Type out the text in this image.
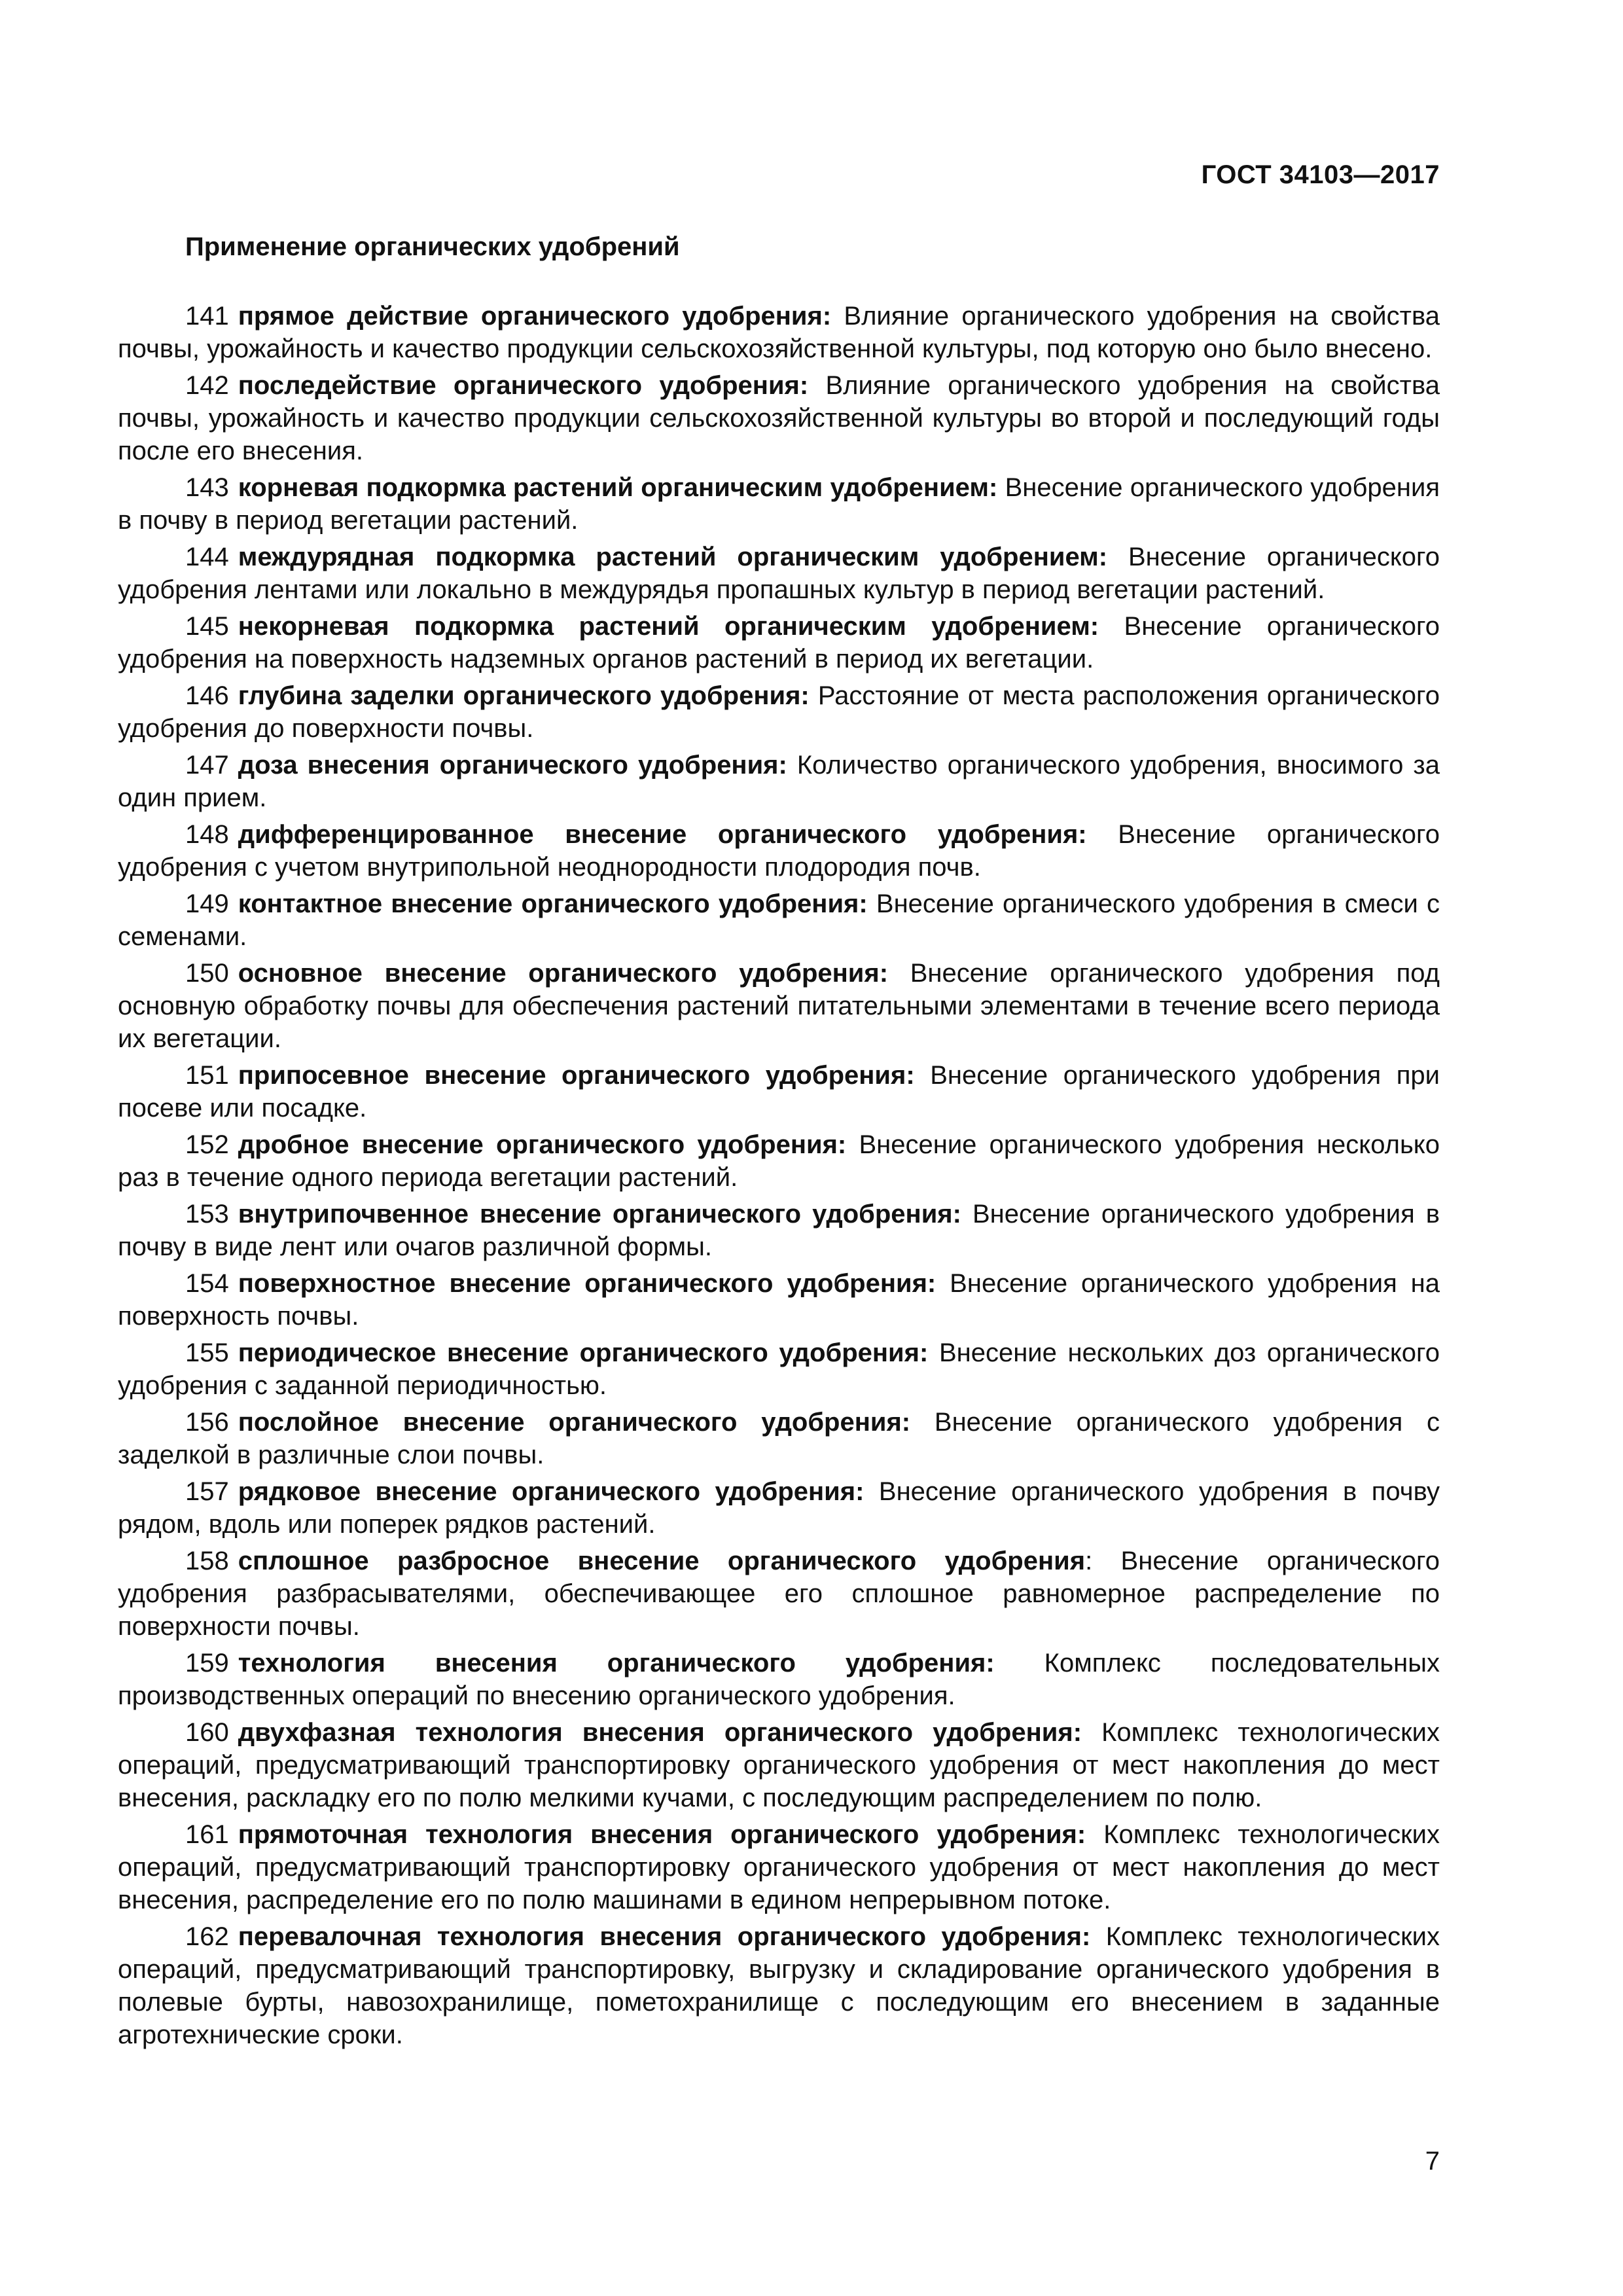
ГОСТ 34103—2017
Применение органических удобрений

141 прямое действие органического удобрения: Влияние органического удобрения на свойства почвы, урожайность и качество продукции сельскохозяйственной культуры, под которую оно было внесено.

142 последействие органического удобрения: Влияние органического удобрения на свойства почвы, урожайность и качество продукции сельскохозяйственной культуры во второй и последующий годы после его внесения.

143 корневая подкормка растений органическим удобрением: Внесение органического удобрения в почву в период вегетации растений.

144 междурядная подкормка растений органическим удобрением: Внесение органического удобрения лентами или локально в междурядья пропашных культур в период вегетации растений.

145 некорневая подкормка растений органическим удобрением: Внесение органического удобрения на поверхность надземных органов растений в период их вегетации.

146 глубина заделки органического удобрения: Расстояние от места расположения органического удобрения до поверхности почвы.

147 доза внесения органического удобрения: Количество органического удобрения, вносимого за один прием.

148 дифференцированное внесение органического удобрения: Внесение органического удобрения с учетом внутрипольной неоднородности плодородия почв.

149 контактное внесение органического удобрения: Внесение органического удобрения в смеси с семенами.

150 основное внесение органического удобрения: Внесение органического удобрения под основную обработку почвы для обеспечения растений питательными элементами в течение всего периода их вегетации.

151 припосевное внесение органического удобрения: Внесение органического удобрения при посеве или посадке.

152 дробное внесение органического удобрения: Внесение органического удобрения несколько раз в течение одного периода вегетации растений.

153 внутрипочвенное внесение органического удобрения: Внесение органического удобрения в почву в виде лент или очагов различной формы.

154 поверхностное внесение органического удобрения: Внесение органического удобрения на поверхность почвы.

155 периодическое внесение органического удобрения: Внесение нескольких доз органического удобрения с заданной периодичностью.

156 послойное внесение органического удобрения: Внесение органического удобрения с заделкой в различные слои почвы.

157 рядковое внесение органического удобрения: Внесение органического удобрения в почву рядом, вдоль или поперек рядков растений.

158 сплошное разбросное внесение органического удобрения: Внесение органического удобрения разбрасывателями, обеспечивающее его сплошное равномерное распределение по поверхности почвы.

159 технология внесения органического удобрения: Комплекс последовательных производственных операций по внесению органического удобрения.

160 двухфазная технология внесения органического удобрения: Комплекс технологических операций, предусматривающий транспортировку органического удобрения от мест накопления до мест внесения, раскладку его по полю мелкими кучами, с последующим распределением по полю.

161 прямоточная технология внесения органического удобрения: Комплекс технологических операций, предусматривающий транспортировку органического удобрения от мест накопления до мест внесения, распределение его по полю машинами в едином непрерывном потоке.

162 перевалочная технология внесения органического удобрения: Комплекс технологических операций, предусматривающий транспортировку, выгрузку и складирование органического удобрения в полевые бурты, навозохранилище, пометохранилище с последующим его внесением в заданные агротехнические сроки.

7
